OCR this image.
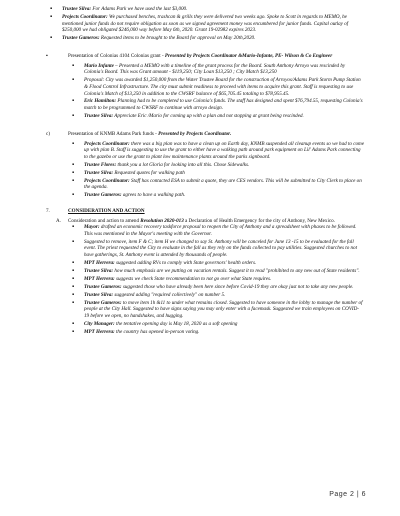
▪ Trustee Silva: For Adams Park we have used the last $3,000.

▪ Projects Coordinator: We purchased benches, trashcan & grills they were delivered two weeks ago. Spoke to Scott in regards to MEMO, he mentioned junior funds do not require obligation as soon as we signed agreement money was encumbered for junior funds. Capital outlay of $250,000 we had obligated $246,000 way before May 6th, 2020. Grant 19-02982 expires 2023.

▪ Trustee Gameros: Requested items to be brought to the Board for approval on May 20th,2020.

▪	Presentation of Colonias 4104 Colonias grant - Presented by Projects Coordinator &Mario-Infante, PE- Wilson & Co Engineer

▪ Mario Infante – Presented a MEMO with a timeline of the grant process for the Board. South Anthony Arroyo was rescinded by Colonia's Board. This was Grant amount - $119,250; City Loan $13,250 ; City Match $13,250

▪ Proposal: City was awarded $1,250,000 from the Water Trustee Board for the construction of Arroyos/Adams Park Storm Pump Station & Flood Control Infrastructure. The city must submit readiness to proceed with items to acquire this grant. Staff is requesting to use Colonia's Match of $13,250 in addition to the CWSRF balance of $65,705.45 totaling to $78,955.45.

▪ Eric Hamilton: Planning had to be completed to use Colonia's funds. The staff has designed and spent $76,794.55, requesting Colonia's match to be programmed to CWSRF to continue with arroyo design.

▪ Trustee Silva: Appreciate Eric /Mario for coming up with a plan and not stopping at grant being rescinded.

c)	Presentation of KNMB Adams Park funds - Presented by Projects Coordinator.

▪ Projects Coordinator: there was a big plan was to have a clean up on Earth day, KNMB suspended all cleanup events so we had to come up with plan B. Staff is suggesting to use the grant to either have a walking path around park equipment on Lil' Adams Park connecting to the gazebo or use the grant to plant low maintenance plants around the parks signboard.

▪ Trustee Flores: thank you a lot Gloria for looking into all this. Chose Sidewalks.

▪ Trustee Silva: Requested quotes for walking path

▪ Projects Coordinator: Staff has contacted ESA to submit a quote, they are CES vendors. This will be submitted to City Clerk to place on the agenda.

▪ Trustee Gameros: agrees to have a walking path.

7.	CONSIDERATION AND ACTION

A. Consideration and action to amend Resolution 2020-013 a Declaration of Health Emergency for the city of Anthony, New Mexico.

▪ Mayor: drafted an economic recovery taskforce proposal to reopen the City of Anthony and a spreadsheet with phases to be followed. This was mentioned in the Mayor's meeting with the Governor.

▪ Suggested to remove, item F & C; item H we changed to say St. Anthony will be canceled for June 13 -15 to be evaluated for the fall event. The priest requested the City to evaluate in the fall as they rely on the funds collected to pay utilities. Suggested churches to not have gatherings, St. Anthony event is attended by thousands of people.

▪ MPT Herrera: suggested adding RVs to comply with State governors' health orders.

▪ Trustee Silva: how much emphasis are we putting on vacation rentals. Suggest it to read "prohibited to any new out of State residents".

▪ MPT Herrera: suggests we check State recommendation to not go over what State requires.

▪ Trustee Gameros: suggested those who have already been here since before Covid-19 they are okay just not to take any new people.

▪ Trustee Silva: suggested adding "required collectively" on number 5.

▪ Trustee Gameros: to move item 1h &11 to under what remains closed. Suggested to have someone in the lobby to manage the number of people at the City Hall. Suggested to have signs saying you may only enter with a facemask. Suggested we train employees on COVID-19 before we open, no handshakes, and hugging.

▪ City Manager: the tentative opening day is May 18, 2020 as a soft opening

▪ MPT Herrera: the country has opened in-person voting.

Page 2 | 6
